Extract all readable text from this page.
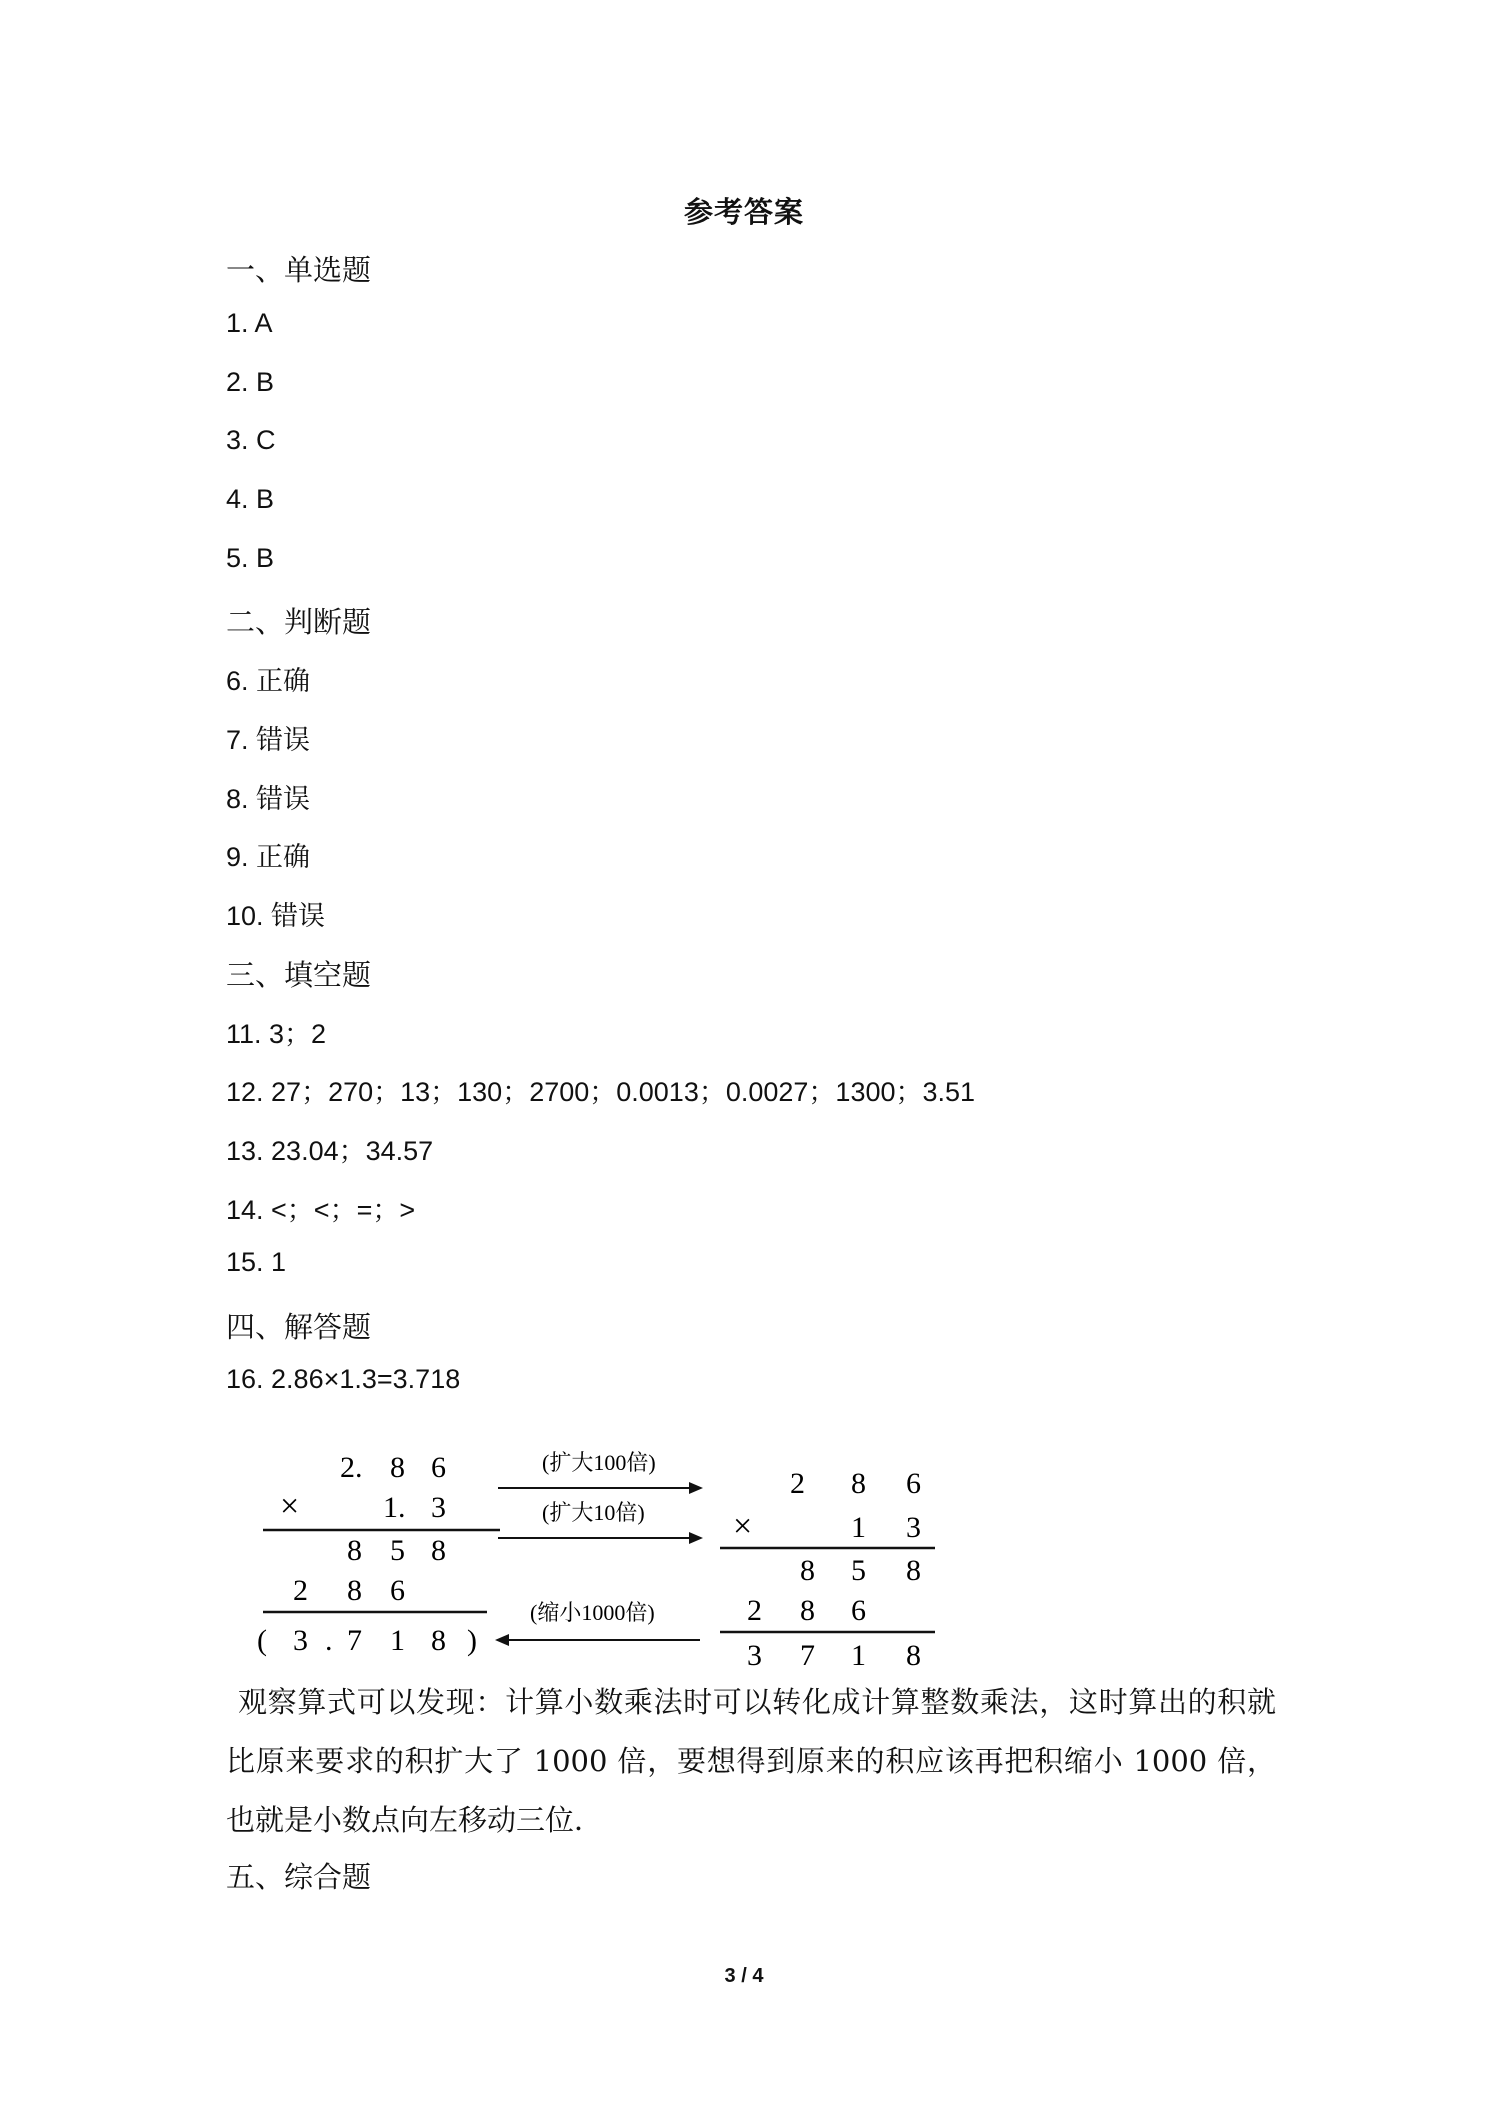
参考答案
一、单选题
1. A
2. B
3. C
4. B
5. B
二、判断题
6. 正确
7. 错误
8. 错误
9. 正确
10. 错误
三、填空题
11. 3；2
12. 27；270；13；130；2700；0.0013；0.0027；1300；3.51
13. 23.04；34.57
14. <；<；=；>
15. 1
四、解答题
16. 2.86×1.3=3.718
2. 8 6
×	1. 3
8 5 8
2 8 6
( 3 . 7 1 8 )
(扩大100倍)
(扩大10倍)
(缩小1000倍)
2 8 6
×	1 3
8 5 8
2 8 6
3 7 1 8
观察算式可以发现：计算小数乘法时可以转化成计算整数乘法，这时算出的积就比原来要求的积扩大了 1000 倍，要想得到原来的积应该再把积缩小 1000 倍，也就是小数点向左移动三位．
五、综合题
3 / 4
